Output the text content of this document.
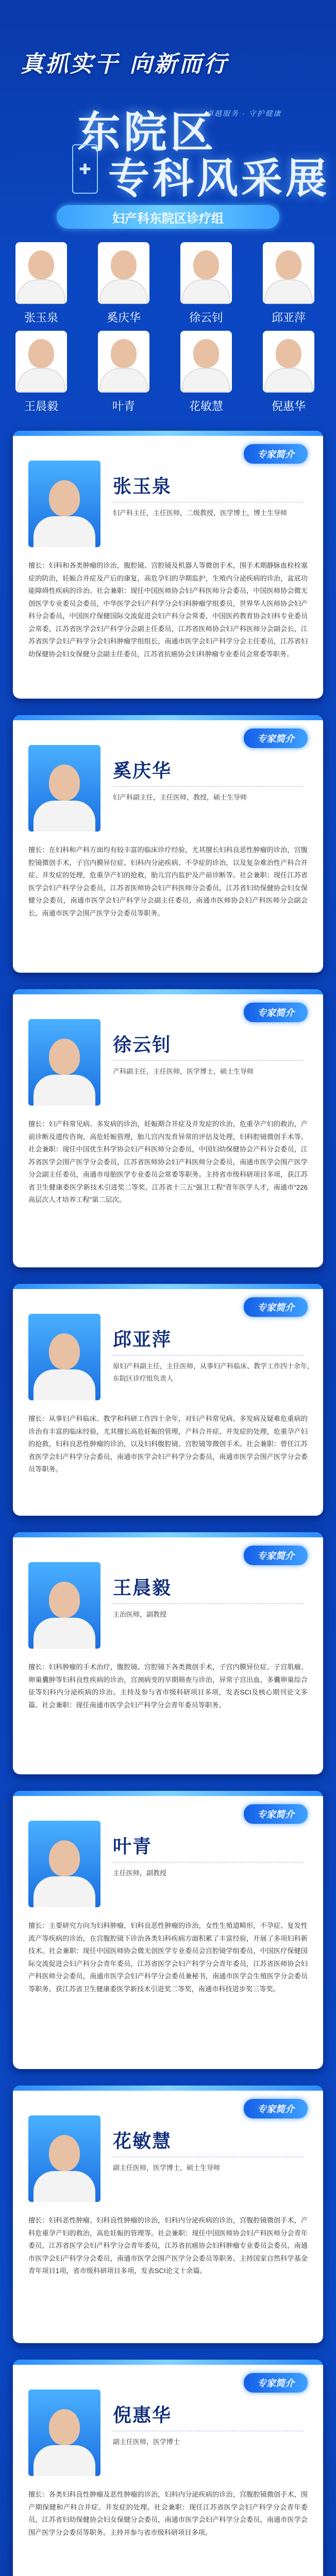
真抓实干 向新而行
东院区
卓越服务 · 守护健康
✚ 专科风采展
妇产科东院区诊疗组
张玉泉	奚庆华	徐云钊	邱亚萍
王晨毅	叶青	花敏慧	倪惠华
专家简介
张玉泉
妇产科主任，主任医师，二级教授，医学博士，博士生导师
擅长：妇科和各类肿瘤的诊治，腹腔镜、宫腔镜及机器人等微创手术，围手术期静脉血栓栓塞症的防治，妊娠合并症及产后的康复，高危孕妇的孕期监护，生殖内分泌疾病的诊治，盆底功能障碍性疾病的诊治。社会兼职：现任中国医师协会妇产科医师分会委员，中国医师协会微无创医学专业委员会委员，中华医学会妇产科学分会妇科肿瘤学组委员，世界华人医师协会妇产科分会委员，中国医疗保健国际交流促进会妇产科分会常委，中国医药教育协会妇科专业委员会常委，江苏省医学会妇产科学分会副主任委员，江苏省医师协会妇产科医师分会副会长，江苏省医学会妇产科学分会妇科肿瘤学组组长，南通市医学会妇产科学分会主任委员，江苏省妇幼保健协会妇女保健分会副主任委员，江苏省抗癌协会妇科肿瘤专业委员会常委等职务。
专家简介
奚庆华
妇产科副主任，主任医师，教授，硕士生导师
擅长：在妇科和产科方面均有较丰富的临床诊疗经验，尤其擅长妇科良恶性肿瘤的诊治，宫腹腔镜微创手术，子宫内膜异位症、妇科内分泌疾病、不孕症的诊治，以及复杂难治性产科合并症、并发症的处理，危重孕产妇的抢救，胎儿宫内监护及产前诊断等。社会兼职：现任江苏省医学会妇产科学分会委员，江苏省医师协会妇产科医师分会委员，江苏省妇幼保健协会妇女保健分会委员，南通市医学会妇产科学分会副主任委员，南通市医师协会妇产科医师分会副会长，南通市医学会围产医学分会委员等职务。
专家简介
徐云钊
产科副主任，主任医师，医学博士，硕士生导师
擅长：妇产科常见病、多发病的诊治，妊娠期合并症及并发症的诊治，危重孕产妇的救治，产前诊断及遗传咨询，高危妊娠管理，胎儿宫内发育异常的评估及处理，妇科腔镜微创手术等。社会兼职：现任中国优生科学协会妇产科医师分会委员，中国妇幼保健协会产科分会委员，江苏省医学会围产医学分会委员，江苏省医师协会妇产科医师分会委员，南通市医学会围产医学分会副主任委员，南通市母胎医学专业委员会常委等职务。主持省市级科研项目多项，获江苏省卫生健康委医学新技术引进奖二等奖，江苏省十三五“强卫工程”青年医学人才，南通市“226高层次人才培养工程”第二层次。
专家简介
邱亚萍
原妇产科副主任，主任医师，从事妇产科临床、教学工作四十余年，东院区诊疗组负责人
擅长：从事妇产科临床、教学和科研工作四十余年，对妇产科常见病、多发病及疑难危重病的诊治有丰富的临床经验，尤其擅长高危妊娠的管理，产科合并症、并发症的处理，危重孕产妇的抢救，妇科良恶性肿瘤的诊治，以及妇科腹腔镜、宫腔镜等微创手术。社会兼职：曾任江苏省医学会妇产科学分会委员，南通市医学会妇产科学分会委员，南通市医学会围产医学分会委员等职务。
专家简介
王晨毅
主治医师，副教授
擅长：妇科肿瘤的手术治疗，腹腔镜、宫腔镜下各类微创手术，子宫内膜异位症、子宫肌瘤、卵巢囊肿等妇科良性疾病的诊治，宫颈病变的早期筛查与诊治，异常子宫出血、多囊卵巢综合征等妇科内分泌疾病的诊治。主持及参与省市级科研项目多项，发表SCI及核心期刊论文多篇。社会兼职：现任南通市医学会妇产科学分会青年委员等职务。
专家简介
叶青
主任医师，副教授
擅长：主要研究方向为妇科肿瘤，妇科良恶性肿瘤的诊治，女性生殖道畸形，不孕症、复发性流产等疾病的诊治，在宫腹腔镜下诊治各类妇科疾病方面积累了丰富经验，开展了多项妇科新技术。社会兼职：现任中国医师协会微无创医学专业委员会宫腔镜学组委员，中国医疗保健国际交流促进会妇产科分会青年委员，江苏省医学会妇产科学分会青年委员，江苏省医师协会妇产科医师分会委员，南通市医学会妇产科学分会委员兼秘书，南通市医学会生殖医学分会委员等职务。获江苏省卫生健康委医学新技术引进奖二等奖，南通市科技进步奖三等奖。
专家简介
花敏慧
副主任医师，医学博士，硕士生导师
擅长：妇科恶性肿瘤、妇科良性肿瘤的诊治，妇科内分泌疾病的诊治，宫腹腔镜微创手术，产科危重孕产妇的救治，高危妊娠的管理等。社会兼职：现任中国医师协会妇产科医师分会青年委员，江苏省医学会妇产科学分会青年委员，江苏省抗癌协会妇科肿瘤专业委员会委员，南通市医学会妇产科学分会委员，南通市医学会围产医学分会委员等职务。主持国家自然科学基金青年项目1项，省市级科研项目多项，发表SCI论文十余篇。
专家简介
倪惠华
副主任医师，医学博士
擅长：各类妇科良性肿瘤及恶性肿瘤的诊治，妇科内分泌疾病的诊治，宫腹腔镜微创手术，围产期保健和产科合并症、并发症的处理。社会兼职：现任江苏省医学会妇产科学分会青年委员，江苏省妇幼保健协会妇女保健分会委员，南通市医学会妇产科学分会委员，南通市医学会围产医学分会委员等职务。主持并参与省市级科研项目多项。
